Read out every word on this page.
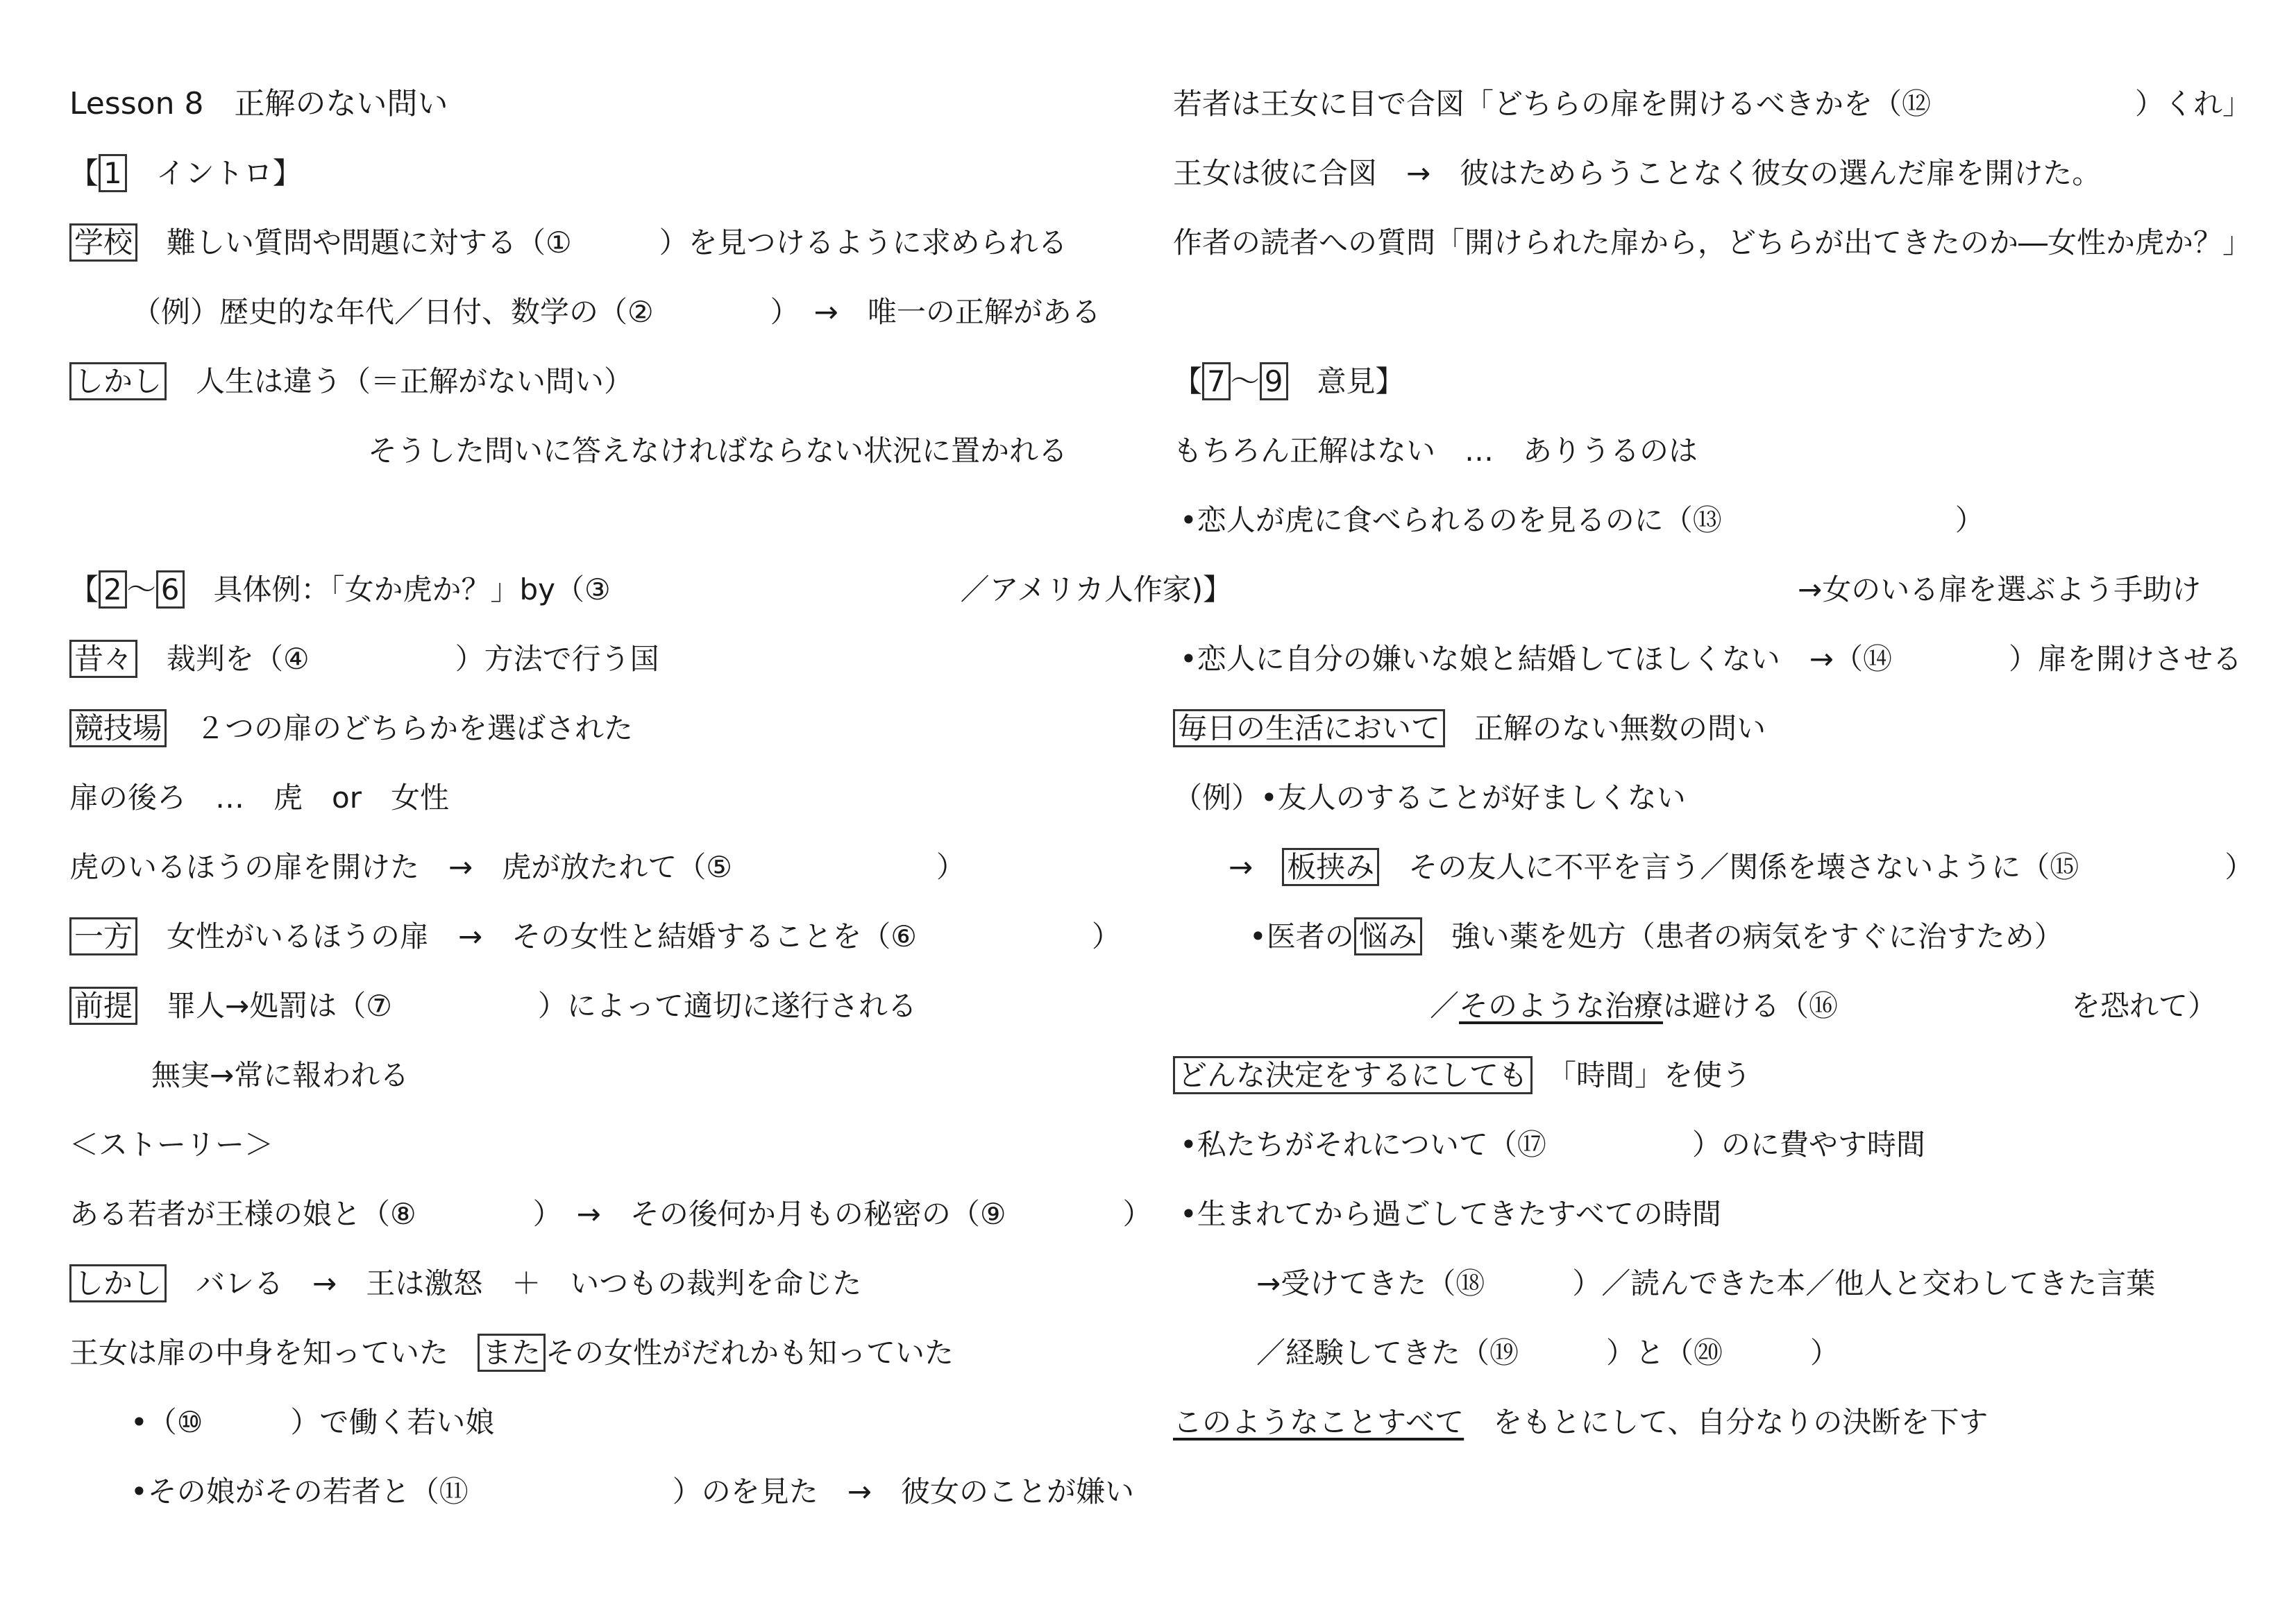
Lesson 8　正解のない問い
【 1　イントロ】
学校　難しい質問や問題に対する（①　　　）を見つけるように求められる
（例）歴史的な年代／日付、数学の（②　　　　）　→　唯一の正解がある
しかし　人生は違う（＝正解がない問い）
そうした問いに答えなければならない状況に置かれる
【 2 ～ 6　具体例：「女か虎か？」by（③　　　　　　　　　　　　／アメリカ人作家)】
昔々　裁判を（④　　　　　）方法で行う国
競技場　２つの扉のどちらかを選ばされた
扉の後ろ　…　虎　or　女性
虎のいるほうの扉を開けた　→　虎が放たれて（⑤　　　　　　　）
一方　女性がいるほうの扉　→　その女性と結婚することを（⑥　　　　　　）
前提　罪人→処罰は（⑦　　　　　）によって適切に遂行される
無実→常に報われる
＜ストーリー＞
ある若者が王様の娘と（⑧　　　　）　→　その後何か月もの秘密の（⑨　　　　）
しかし　バレる　→　王は激怒　＋　いつもの裁判を命じた
王女は扉の中身を知っていた　また その女性がだれかも知っていた
•（⑩　　　）で働く若い娘
•その娘がその若者と（⑪　　　　　　　）のを見た　→　彼女のことが嫌い
若者は王女に目で合図「どちらの扉を開けるべきかを（⑫　　　　　　　）くれ」
王女は彼に合図　→　彼はためらうことなく彼女の選んだ扉を開けた。
作者の読者への質問「開けられた扉から，どちらが出てきたのか―女性か虎か？」
【 7 ～ 9　意見】
もちろん正解はない　…　ありうるのは
•恋人が虎に食べられるのを見るのに（⑬　　　　　　　　）
→女のいる扉を選ぶよう手助け
•恋人に自分の嫌いな娘と結婚してほしくない　→（⑭　　　　）扉を開けさせる
毎日の生活において　正解のない無数の問い
（例）•友人のすることが好ましくない
→　板挟み　その友人に不平を言う／関係を壊さないように（⑮　　　　　）
•医者の 悩み　強い薬を処方（患者の病気をすぐに治すため）
／そのような治療は避ける（⑯　　　　　　　　を恐れて）
どんな決定をするにしても　「時間」を使う
•私たちがそれについて（⑰　　　　　）のに費やす時間
•生まれてから過ごしてきたすべての時間
→受けてきた（⑱　　　）／読んできた本／他人と交わしてきた言葉
／経験してきた（⑲　　　）と（⑳　　　）
このようなことすべて　をもとにして、自分なりの決断を下す
